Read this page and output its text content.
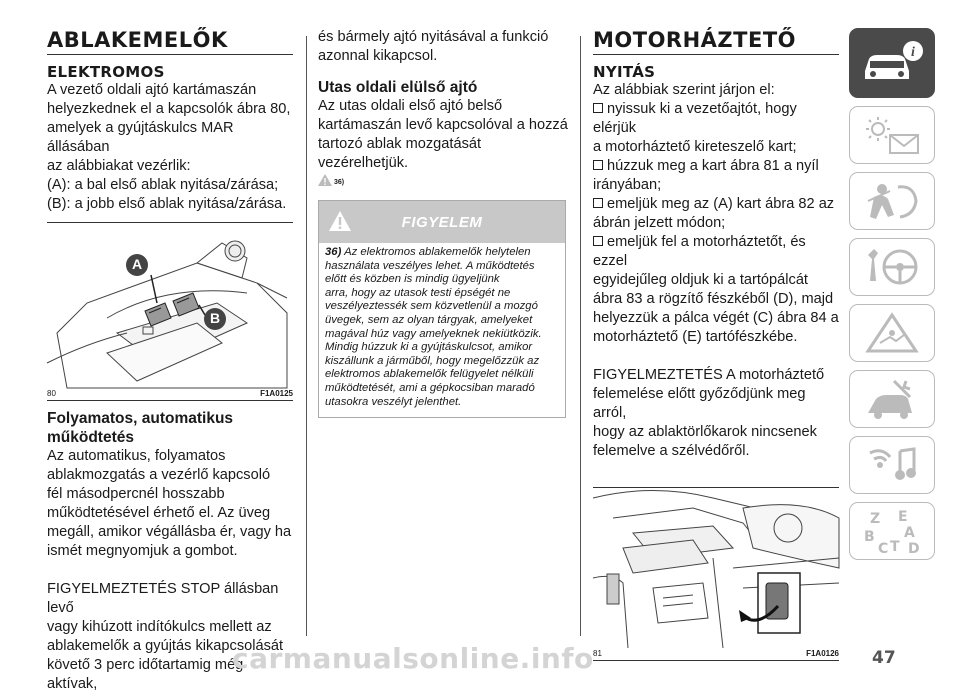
ABLAKEMELŐK
ELEKTROMOS

A vezető oldali ajtó kartámaszán
helyezkednek el a kapcsolók ábra 80,
amelyek a gyújtáskulcs MAR állásában
az alábbiakat vezérlik:

(A): a bal első ablak nyitása/zárása;

(B): a jobb első ablak nyitása/zárása.

A
B
80	F1A0125
Folyamatos, automatikus
működtetés

Az automatikus, folyamatos
ablakmozgatás a vezérlő kapcsoló
fél másodpercnél hosszabb
működtetésével érhető el. Az üveg
megáll, amikor végállásba ér, vagy ha
ismét megnyomjuk a gombot.

FIGYELMEZTETÉS STOP állásban levő
vagy kihúzott indítókulcs mellett az
ablakemelők a gyújtás kikapcsolását
követő 3 perc időtartamig még aktívak,

és bármely ajtó nyitásával a funkció
azonnal kikapcsol.

Utas oldali elülső ajtó

Az utas oldali első ajtó belső
kartámaszán levő kapcsolóval a hozzá
tartozó ablak mozgatását vezérelhetjük.

36)
FIGYELEM
36) Az elektromos ablakemelők helytelen
használata veszélyes lehet. A működtetés
előtt és közben is mindig ügyeljünk
arra, hogy az utasok testi épségét ne
veszélyeztessék sem közvetlenül a mozgó
üvegek, sem az olyan tárgyak, amelyeket
magával húz vagy amelyeknek nekiütközik.
Mindig húzzuk ki a gyújtáskulcsot, amikor
kiszállunk a járműből, hogy megelőzzük az
elektromos ablakemelők felügyelet nélküli
működtetését, ami a gépkocsiban maradó
utasokra veszélyt jelenthet.
MOTORHÁZTETŐ
NYITÁS

Az alábbiak szerint járjon el:

nyissuk ki a vezetőajtót, hogy elérjük
a motorháztető kireteszelő kart;
húzzuk meg a kart ábra 81 a nyíl
irányában;
emeljük meg az (A) kart ábra 82 az
ábrán jelzett módon;
emeljük fel a motorháztetőt, és ezzel
egyidejűleg oldjuk ki a tartópálcát
ábra 83 a rögzítő fészkéből (D), majd
helyezzük a pálca végét (C) ábra 84 a
motorháztető (E) tartófészkébe.

FIGYELMEZTETÉS A motorháztető
felemelése előtt győződjünk meg arról,
hogy az ablaktörlőkarok nincsenek
felemelve a szélvédőről.

81	F1A0126
i
Z E
A
B
C D
T
47
carmanualsonline.info
